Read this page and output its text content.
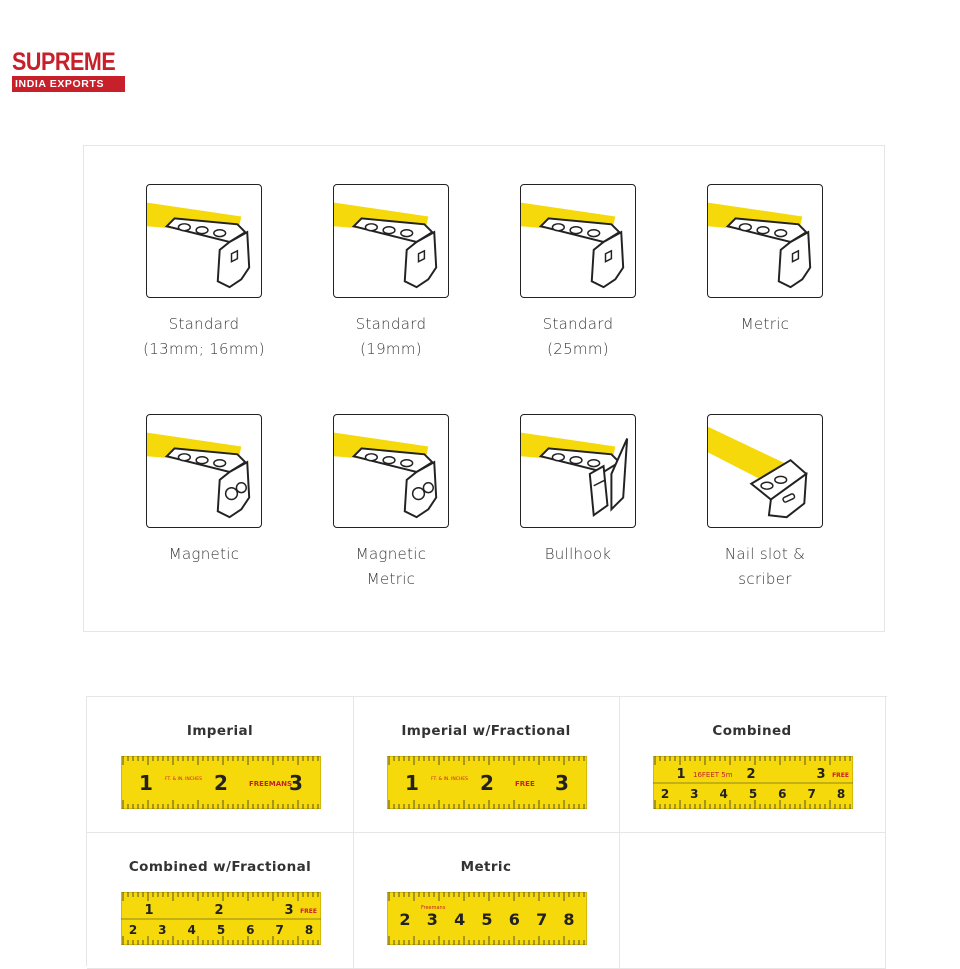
SUPREME
INDIA EXPORTS
Standard
(13mm; 16mm)
Standard
(19mm)
Standard
(25mm)
Metric
Magnetic	Magnetic
Metric
Bullhook	Nail slot &
scriber
Imperial
1	2	3
FT. & IN. INCHES
FREEMANS
Imperial w/Fractional
1	2	3
FT. & IN. INCHES
FREE
Combined
1	2	3
2 3 4 5 6 7 8
16FEET 5m	FREE
Combined w/Fractional
1	2	3
2 3 4 5 6 7 8
FREE
Metric
2 3 4 5 6 7 8
Freemans
